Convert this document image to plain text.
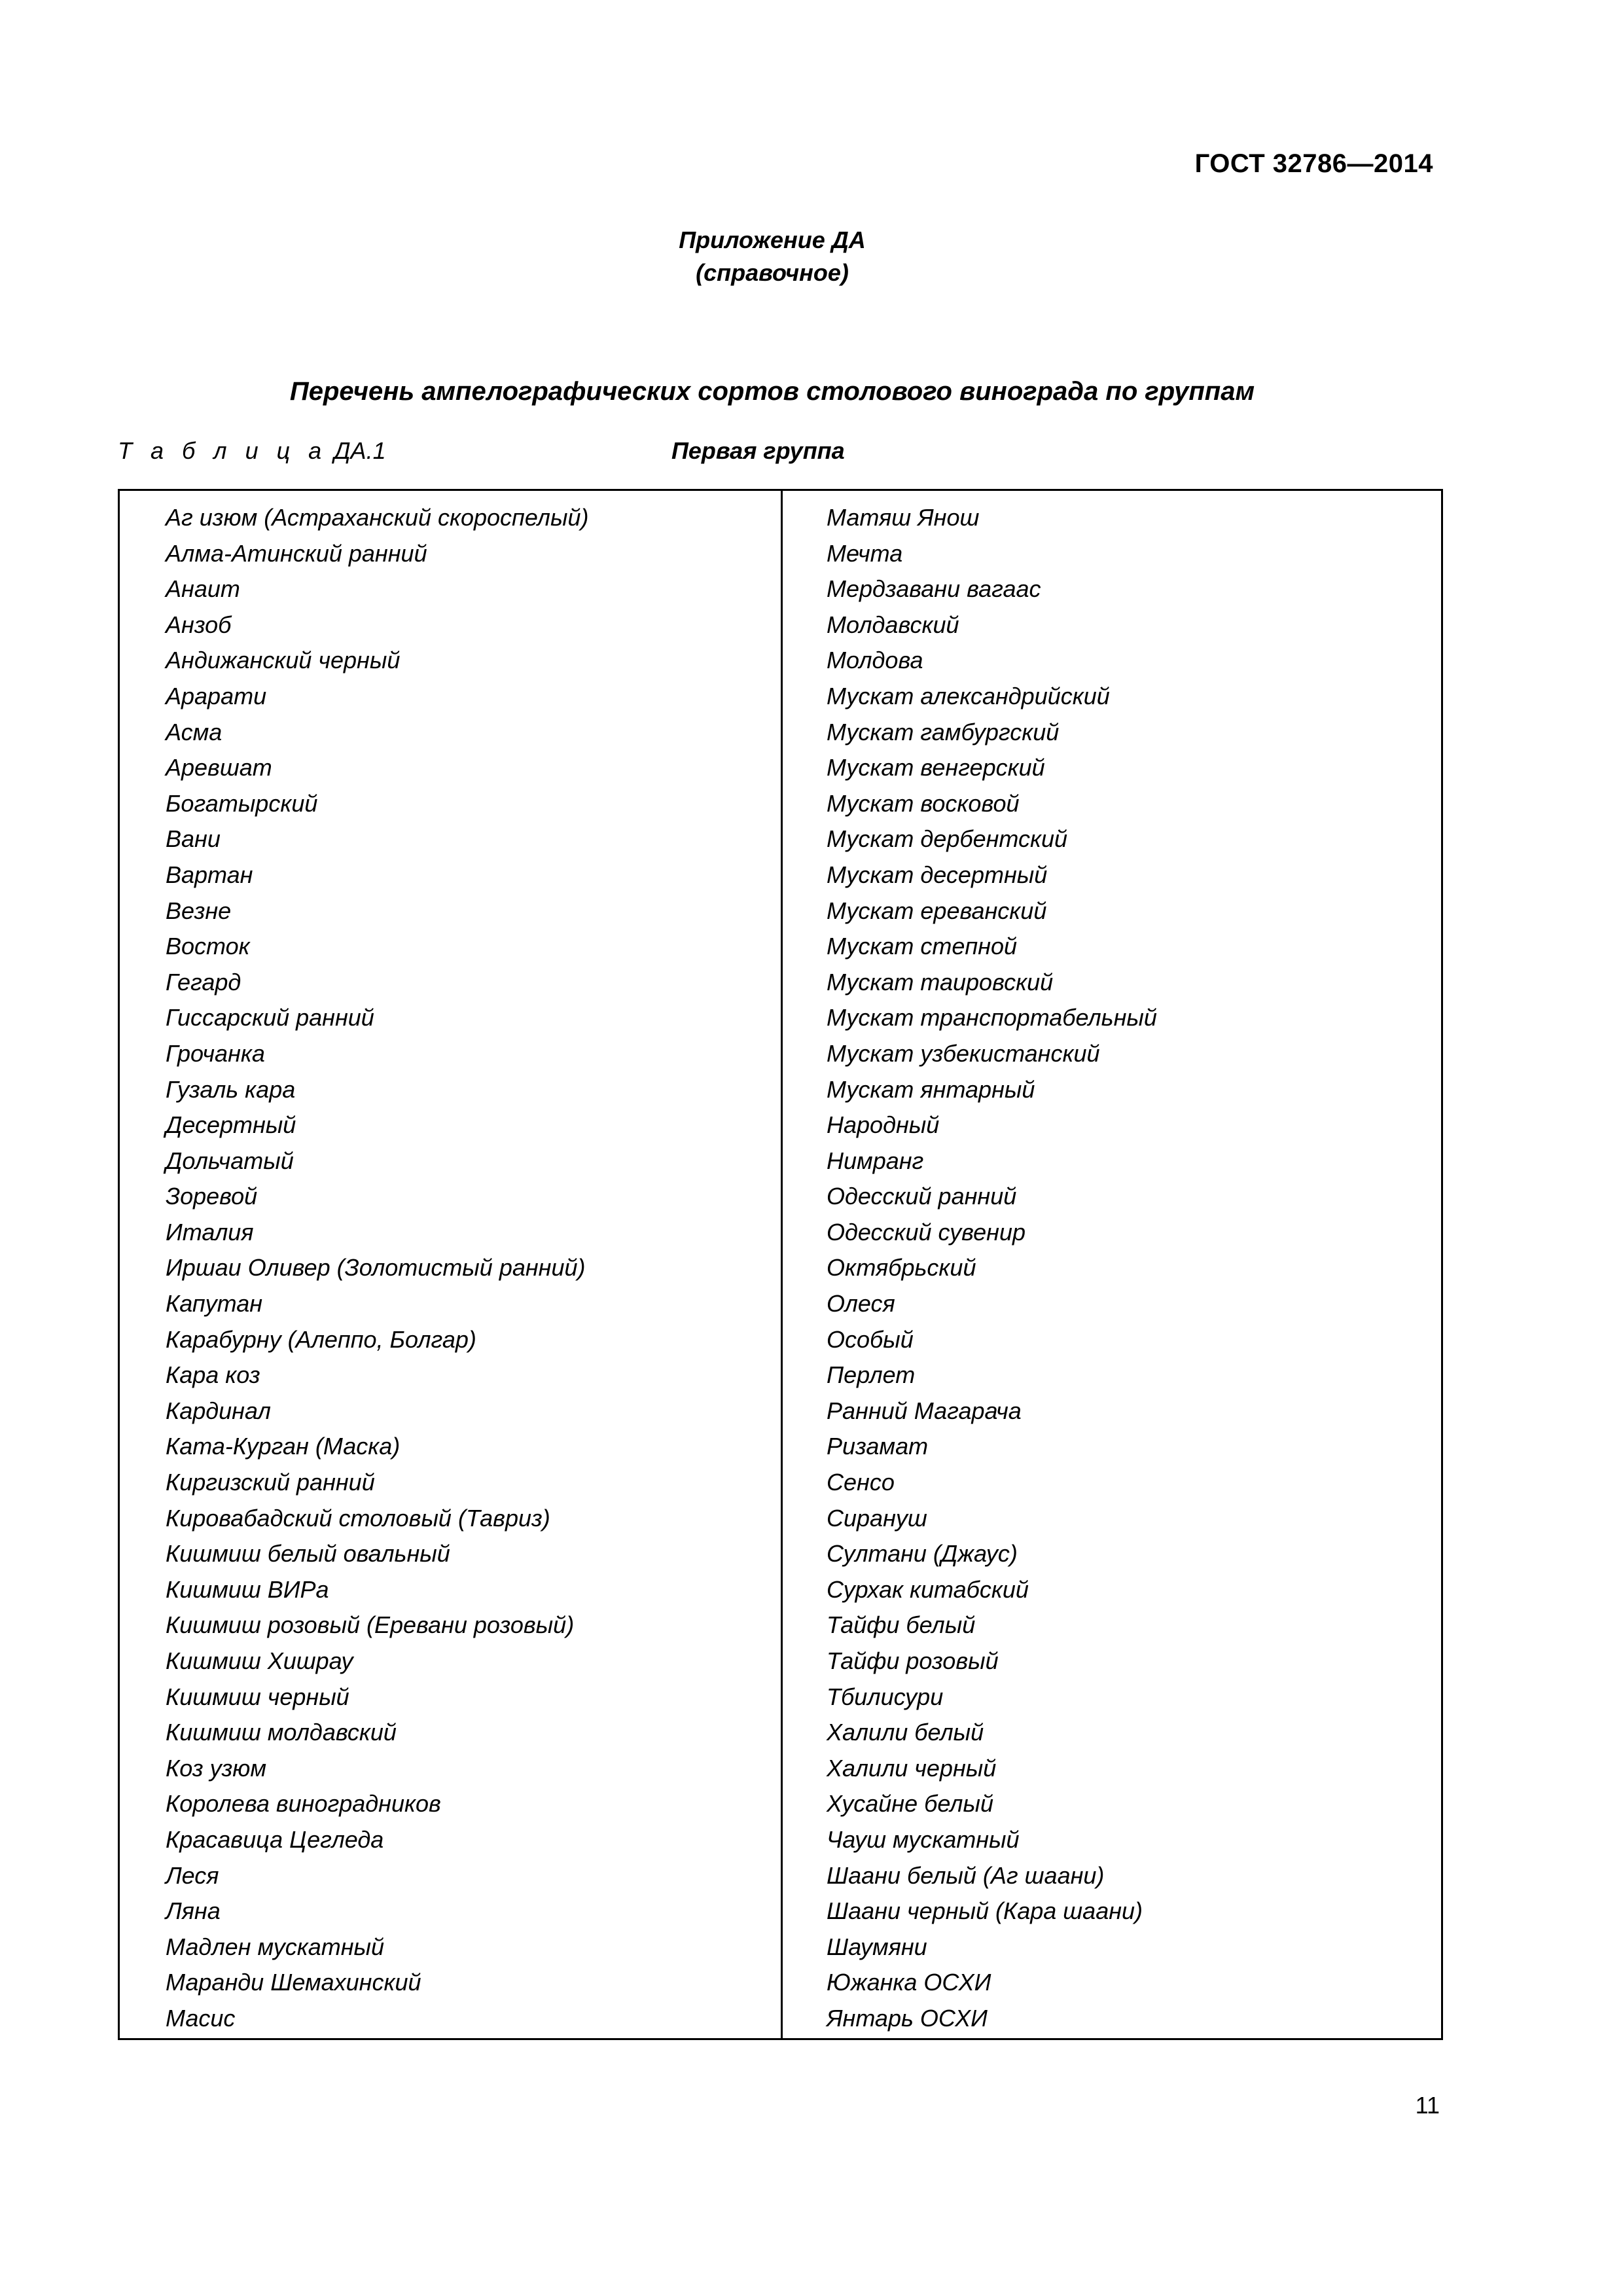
ГОСТ 32786—2014
Приложение ДА
(справочное)
Перечень ампелографических сортов столового винограда по группам
Т а б л и ц а ДА.1	Первая группа
Аг изюм (Астраханский скороспелый)
Алма-Атинский ранний
Анаит
Анзоб
Андижанский черный
Арарати
Асма
Аревшат
Богатырский
Вани
Вартан
Везне
Восток
Гегард
Гиссарский ранний
Грочанка
Гузаль кара
Десертный
Дольчатый
Зоревой
Италия
Иршаи Оливер (Золотистый ранний)
Капутан
Карабурну (Алеппо, Болгар)
Кара коз
Кардинал
Ката-Курган (Маска)
Киргизский ранний
Кировабадский столовый (Тавриз)
Кишмиш белый овальный
Кишмиш ВИРа
Кишмиш розовый (Еревани розовый)
Кишмиш Хишрау
Кишмиш черный
Кишмиш молдавский
Коз узюм
Королева виноградников
Красавица Цегледа
Леся
Ляна
Мадлен мускатный
Маранди Шемахинский
Масис
Матяш Янош
Мечта
Мердзавани вагаас
Молдавский
Молдова
Мускат александрийский
Мускат гамбургский
Мускат венгерский
Мускат восковой
Мускат дербентский
Мускат десертный
Мускат ереванский
Мускат степной
Мускат таировский
Мускат транспортабельный
Мускат узбекистанский
Мускат янтарный
Народный
Нимранг
Одесский ранний
Одесский сувенир
Октябрьский
Олеся
Особый
Перлет
Ранний Магарача
Ризамат
Сенсо
Сирануш
Султани (Джаус)
Сурхак китабский
Тайфи белый
Тайфи розовый
Тбилисури
Халили белый
Халили черный
Хусайне белый
Чауш мускатный
Шаани белый (Аг шаани)
Шаани черный (Кара шаани)
Шаумяни
Южанка ОСХИ
Янтарь ОСХИ
11
